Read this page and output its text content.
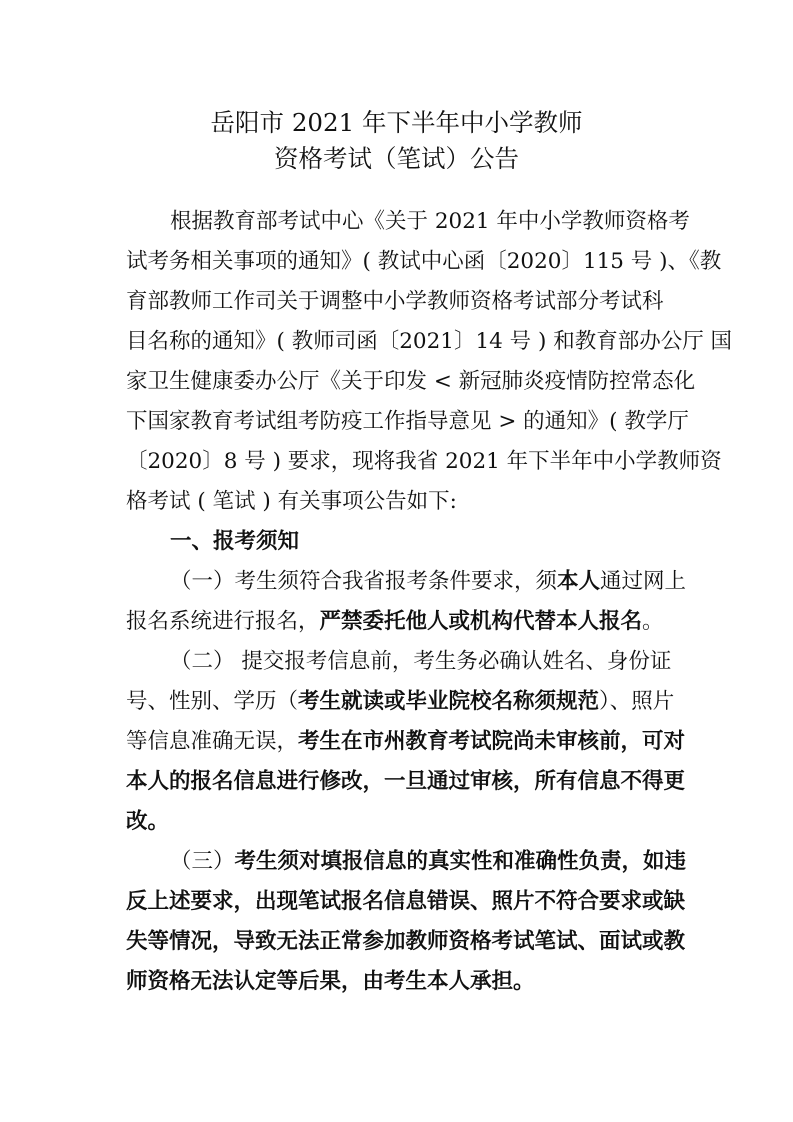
岳阳市 2021 年下半年中小学教师
资格考试（笔试）公告
根据教育部考试中心《关于 2021 年中小学教师资格考
试考务相关事项的通知》( 教试中心函〔2020〕115 号 )、《教
育部教师工作司关于调整中小学教师资格考试部分考试科
目名称的通知》( 教师司函〔2021〕14 号 ) 和教育部办公厅 国
家卫生健康委办公厅《关于印发 < 新冠肺炎疫情防控常态化
下国家教育考试组考防疫工作指导意见 > 的通知》( 教学厅
〔2020〕8 号 ) 要求，现将我省 2021 年下半年中小学教师资
格考试 ( 笔试 ) 有关事项公告如下:
一、报考须知
（一）考生须符合我省报考条件要求，须本人通过网上
报名系统进行报名，严禁委托他人或机构代替本人报名。
（二） 提交报考信息前，考生务必确认姓名、身份证
号、性别、学历（考生就读或毕业院校名称须规范）、照片
等信息准确无误，考生在市州教育考试院尚未审核前，可对
本人的报名信息进行修改，一旦通过审核，所有信息不得更
改。
（三）考生须对填报信息的真实性和准确性负责，如违
反上述要求，出现笔试报名信息错误、照片不符合要求或缺
失等情况，导致无法正常参加教师资格考试笔试、面试或教
师资格无法认定等后果，由考生本人承担。
